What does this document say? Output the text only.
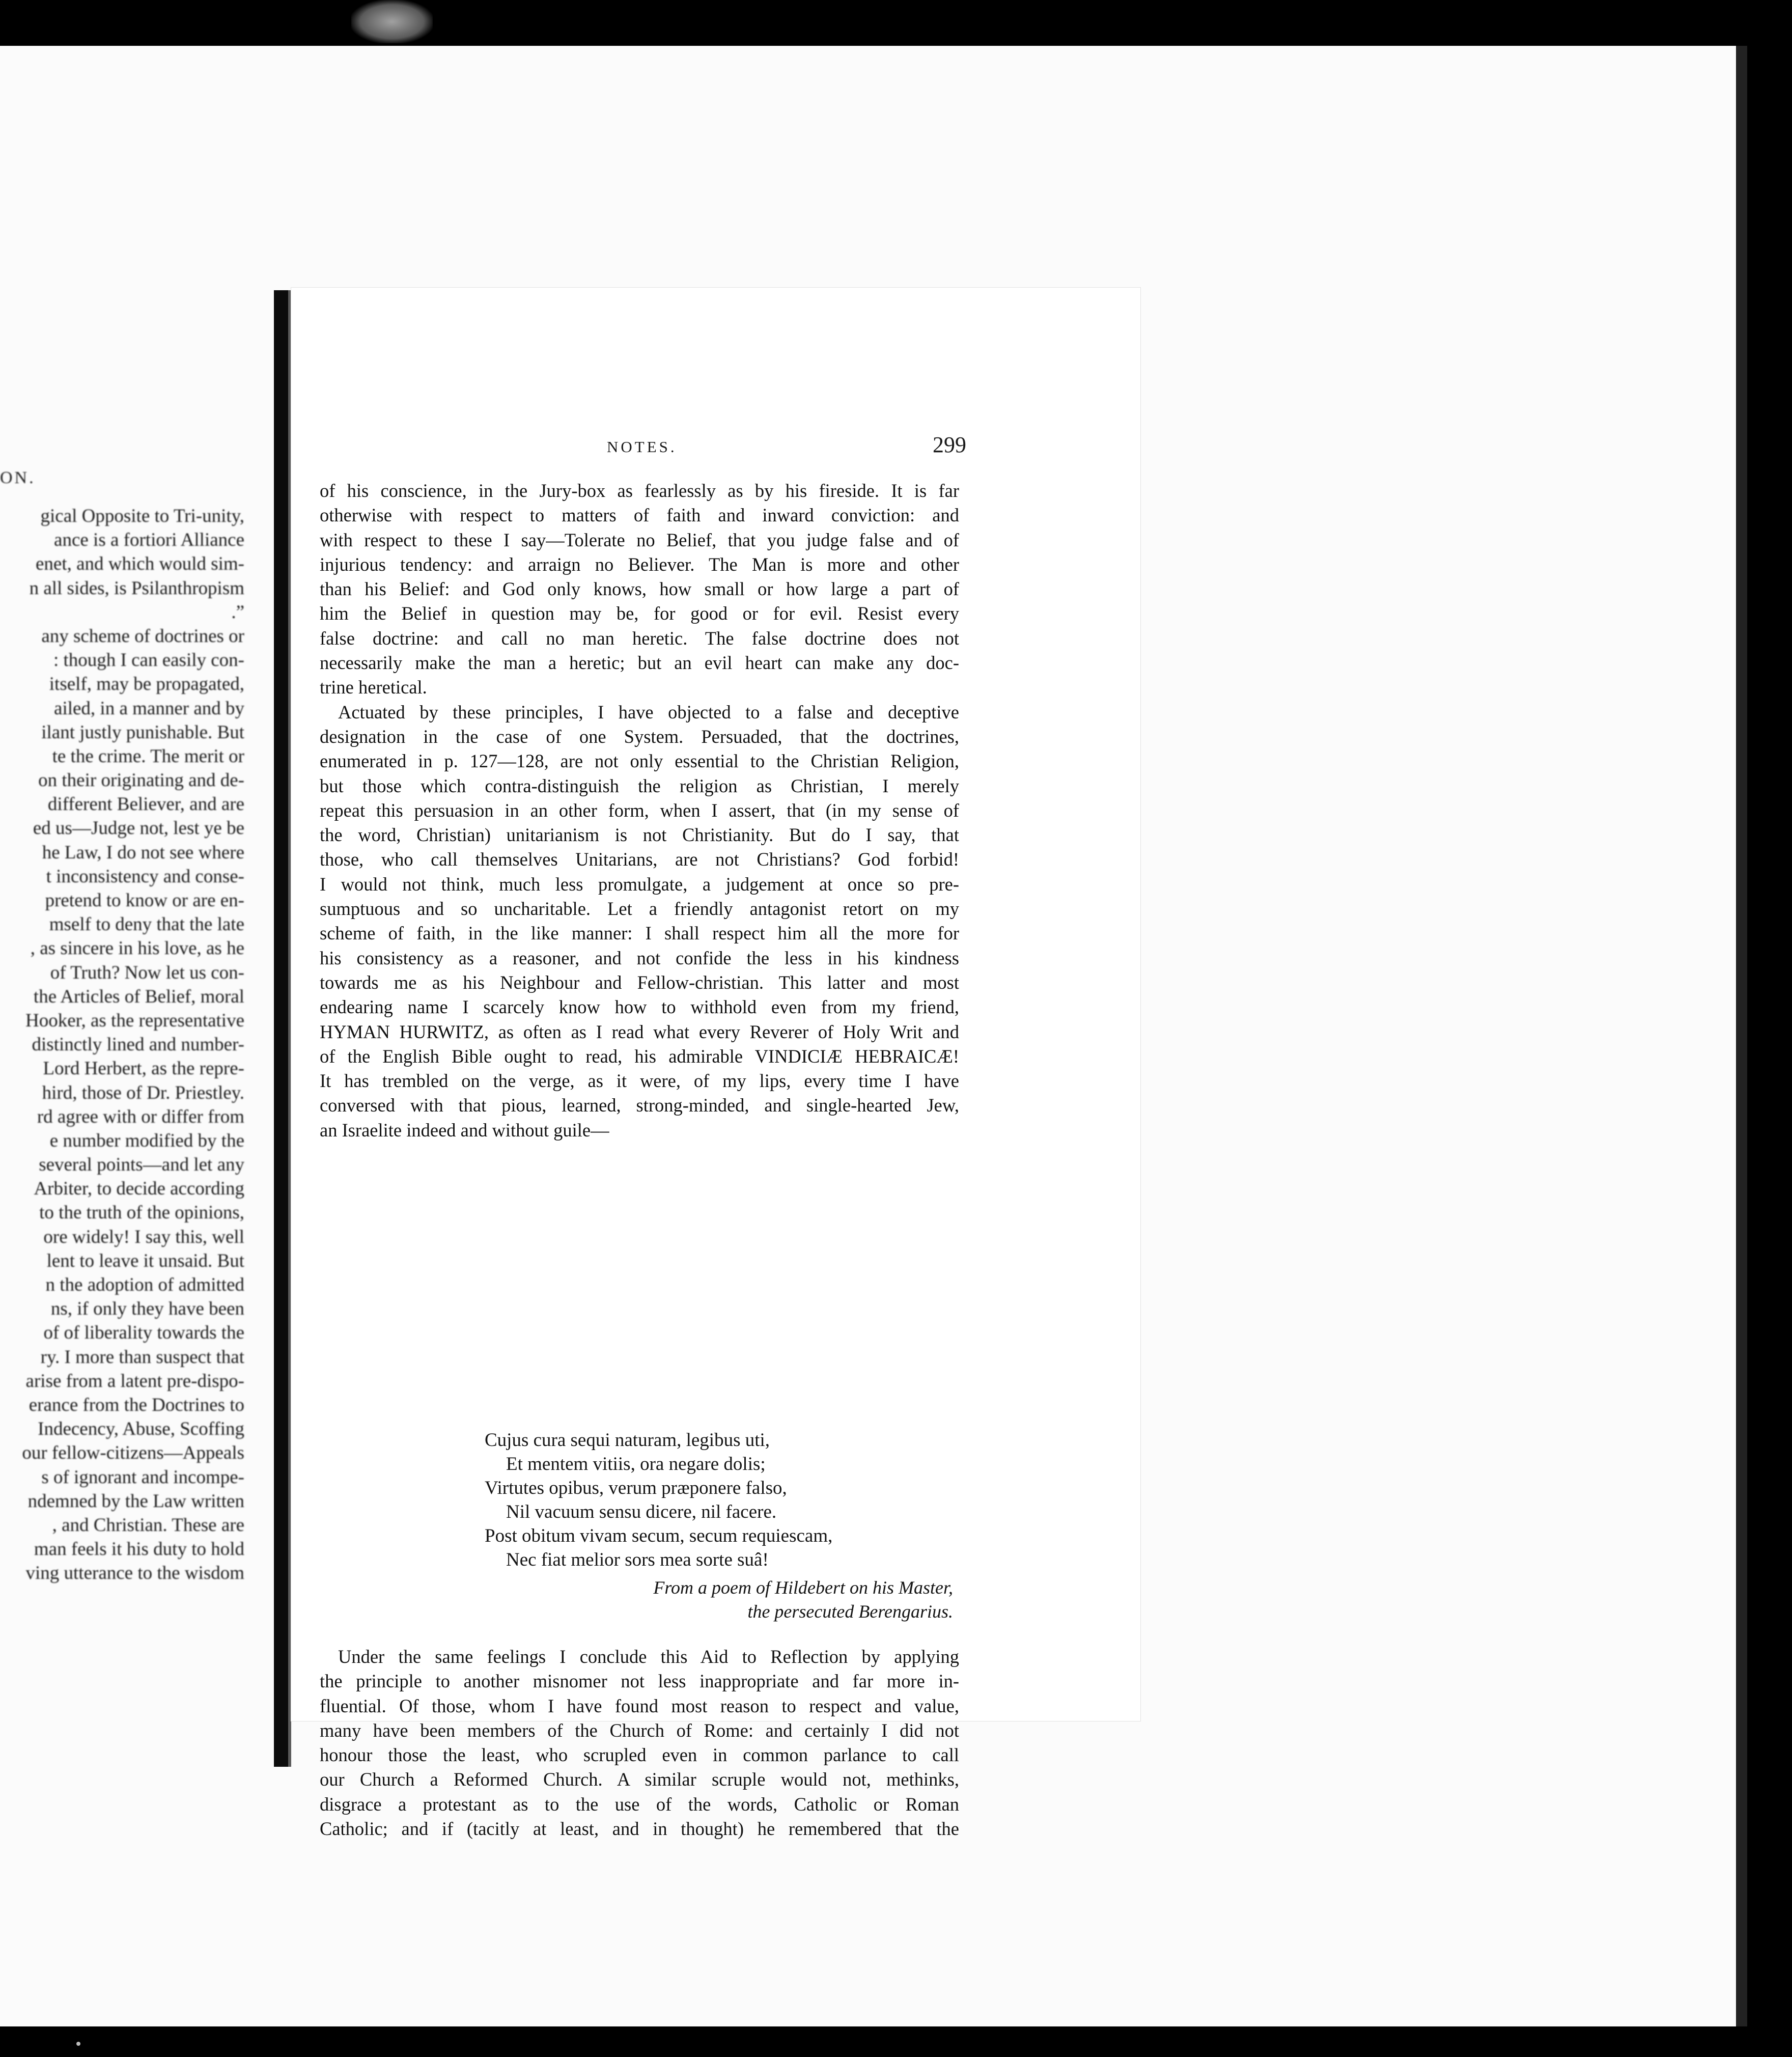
ON.
gical Opposite to Tri-unity,
ance is a fortiori Alliance
enet, and which would sim-
n all sides, is Psilanthropism
.”
any scheme of doctrines or
: though I can easily con-
itself, may be propagated,
ailed, in a manner and by
ilant justly punishable. But
te the crime. The merit or
on their originating and de-
different Believer, and are
ed us—Judge not, lest ye be
he Law, I do not see where
t inconsistency and conse-
pretend to know or are en-
mself to deny that the late
, as sincere in his love, as he
of Truth? Now let us con-
the Articles of Belief, moral
Hooker, as the representative
distinctly lined and number-
Lord Herbert, as the repre-
hird, those of Dr. Priestley.
rd agree with or differ from
e number modified by the
several points—and let any
Arbiter, to decide according
to the truth of the opinions,
ore widely! I say this, well
lent to leave it unsaid. But
n the adoption of admitted
ns, if only they have been
of of liberality towards the
ry. I more than suspect that
arise from a latent pre-dispo-
erance from the Doctrines to
Indecency, Abuse, Scoffing
our fellow-citizens—Appeals
s of ignorant and incompe-
ndemned by the Law written
, and Christian. These are
man feels it his duty to hold
ving utterance to the wisdom
NOTES.	299
of his conscience, in the Jury-box as fearlessly as by his fireside. It is far
otherwise with respect to matters of faith and inward conviction: and
with respect to these I say—Tolerate no Belief, that you judge false and of
injurious tendency: and arraign no Believer. The Man is more and other
than his Belief: and God only knows, how small or how large a part of
him the Belief in question may be, for good or for evil. Resist every
false doctrine: and call no man heretic. The false doctrine does not
necessarily make the man a heretic; but an evil heart can make any doc-
trine heretical.
Actuated by these principles, I have objected to a false and deceptive
designation in the case of one System. Persuaded, that the doctrines,
enumerated in p. 127—128, are not only essential to the Christian Religion,
but those which contra-distinguish the religion as Christian, I merely
repeat this persuasion in an other form, when I assert, that (in my sense of
the word, Christian) unitarianism is not Christianity. But do I say, that
those, who call themselves Unitarians, are not Christians? God forbid!
I would not think, much less promulgate, a judgement at once so pre-
sumptuous and so uncharitable. Let a friendly antagonist retort on my
scheme of faith, in the like manner: I shall respect him all the more for
his consistency as a reasoner, and not confide the less in his kindness
towards me as his Neighbour and Fellow-christian. This latter and most
endearing name I scarcely know how to withhold even from my friend,
HYMAN HURWITZ, as often as I read what every Reverer of Holy Writ and
of the English Bible ought to read, his admirable VINDICIÆ HEBRAICÆ!
It has trembled on the verge, as it were, of my lips, every time I have
conversed with that pious, learned, strong-minded, and single-hearted Jew,
an Israelite indeed and without guile—
Cujus cura sequi naturam, legibus uti,
Et mentem vitiis, ora negare dolis;
Virtutes opibus, verum præponere falso,
Nil vacuum sensu dicere, nil facere.
Post obitum vivam secum, secum requiescam,
Nec fiat melior sors mea sorte suâ!
From a poem of Hildebert on his Master,
the persecuted Berengarius.
Under the same feelings I conclude this Aid to Reflection by applying
the principle to another misnomer not less inappropriate and far more in-
fluential. Of those, whom I have found most reason to respect and value,
many have been members of the Church of Rome: and certainly I did not
honour those the least, who scrupled even in common parlance to call
our Church a Reformed Church. A similar scruple would not, methinks,
disgrace a protestant as to the use of the words, Catholic or Roman
Catholic; and if (tacitly at least, and in thought) he remembered that the
